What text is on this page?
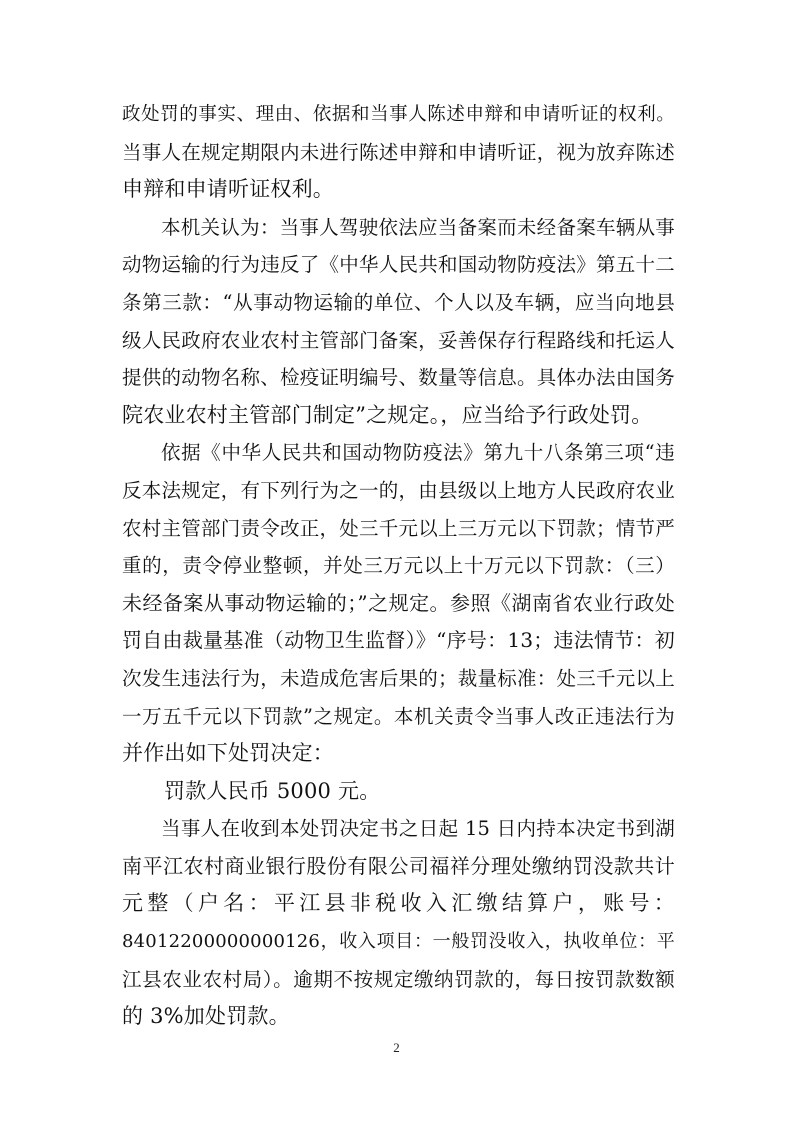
政处罚的事实、理由、依据和当事人陈述申辩和申请听证的权利。
当事人在规定期限内未进行陈述申辩和申请听证，视为放弃陈述
申辩和申请听证权利。
本机关认为：当事人驾驶依法应当备案而未经备案车辆从事
动物运输的行为违反了《中华人民共和国动物防疫法》第五十二
条第三款：“从事动物运输的单位、个人以及车辆，应当向地县
级人民政府农业农村主管部门备案，妥善保存行程路线和托运人
提供的动物名称、检疫证明编号、数量等信息。具体办法由国务
院农业农村主管部门制定”之规定。，应当给予行政处罚。
依据《中华人民共和国动物防疫法》第九十八条第三项“违
反本法规定，有下列行为之一的，由县级以上地方人民政府农业
农村主管部门责令改正，处三千元以上三万元以下罚款；情节严
重的，责令停业整顿，并处三万元以上十万元以下罚款：（三）
未经备案从事动物运输的；”之规定。参照《湖南省农业行政处
罚自由裁量基准（动物卫生监督）》“序号：13；违法情节：初
次发生违法行为，未造成危害后果的；裁量标准：处三千元以上
一万五千元以下罚款”之规定。本机关责令当事人改正违法行为
并作出如下处罚决定：
罚款人民币 5000 元。
当事人在收到本处罚决定书之日起 15 日内持本决定书到湖
南平江农村商业银行股份有限公司福祥分理处缴纳罚没款共计
元整（户名：平江县非税收入汇缴结算户，账号：
84012200000000126，收入项目：一般罚没收入，执收单位：平
江县农业农村局）。逾期不按规定缴纳罚款的，每日按罚款数额
的 3%加处罚款。
2
